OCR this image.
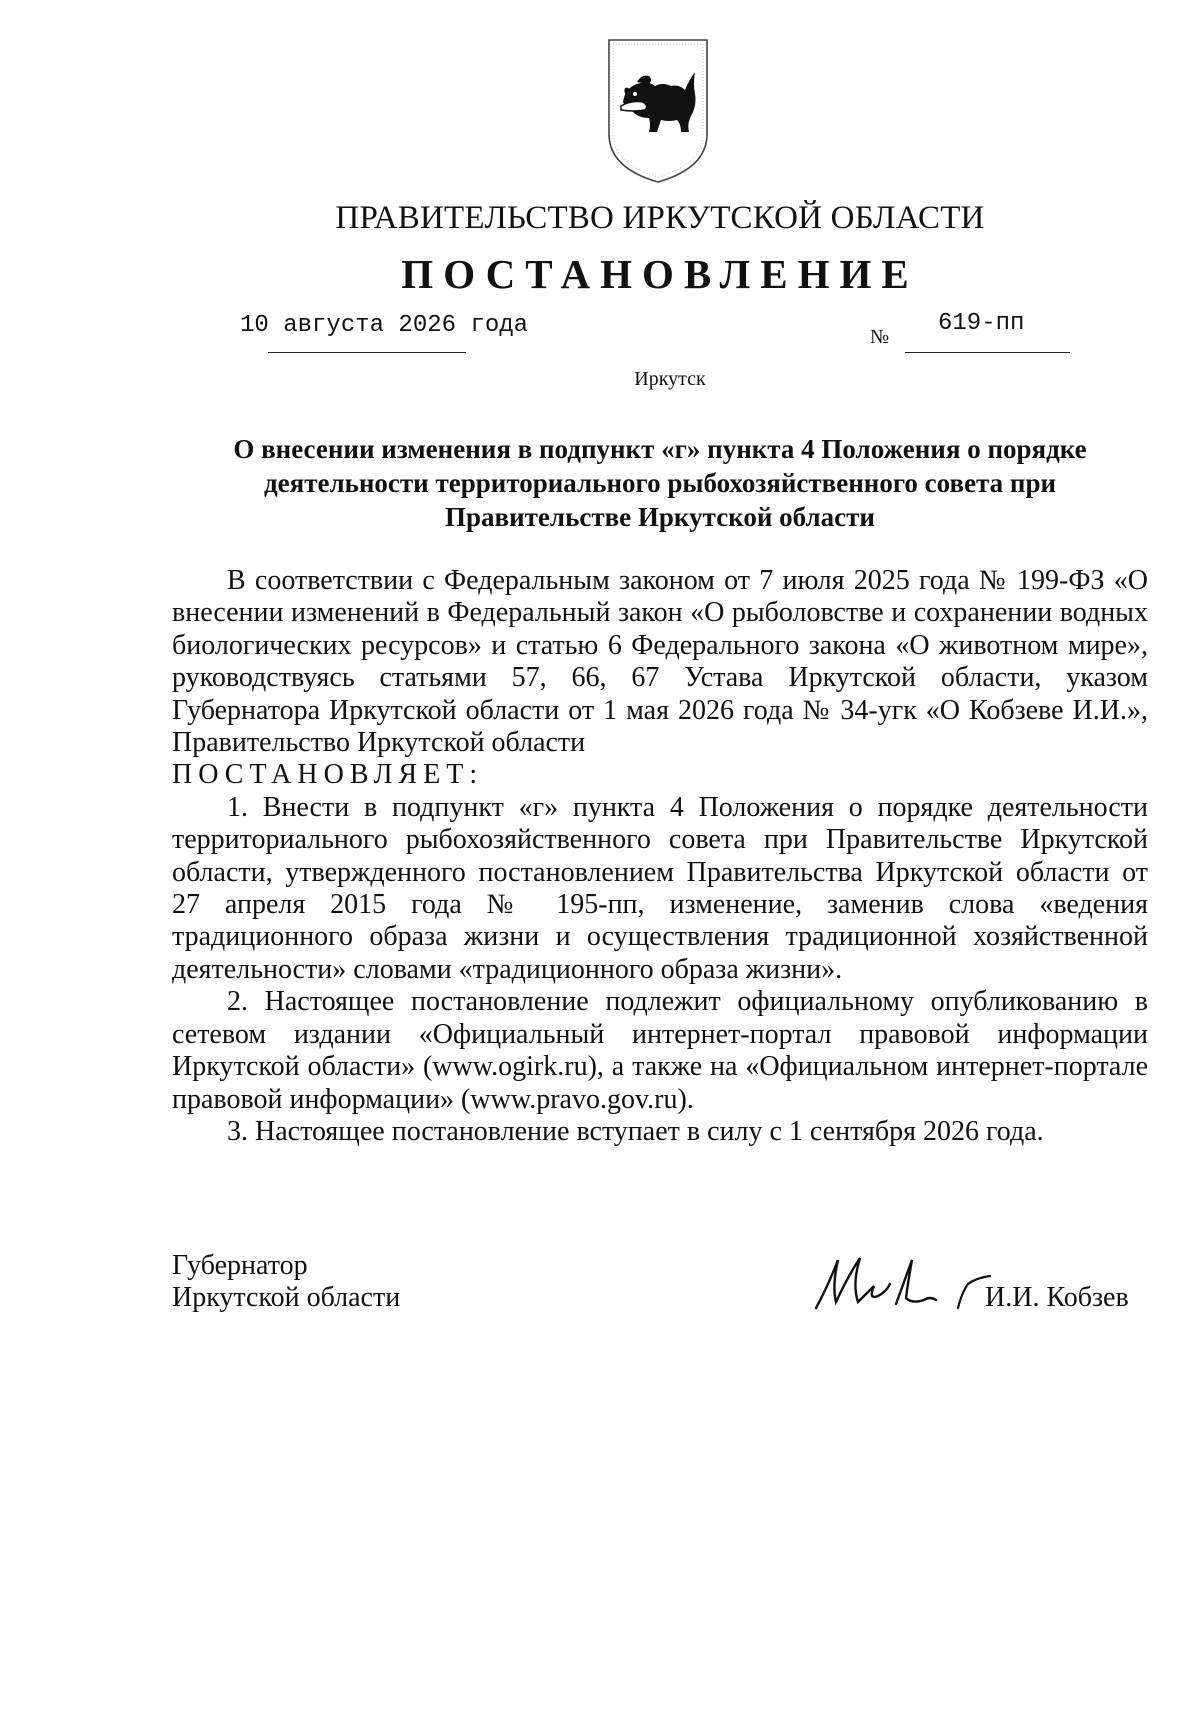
ПРАВИТЕЛЬСТВО ИРКУТСКОЙ ОБЛАСТИ
ПОСТАНОВЛЕНИЕ
10 августа 2026 года	№ 619-пп
Иркутск
О внесении изменения в подпункт «г» пункта 4 Положения о порядке деятельности территориального рыбохозяйственного совета при Правительстве Иркутской области

В соответствии с Федеральным законом от 7 июля 2025 года № 199-ФЗ «О внесении изменений в Федеральный закон «О рыболовстве и сохранении водных биологических ресурсов» и статью 6 Федерального закона «О животном мире», руководствуясь статьями 57, 66, 67 Устава Иркутской области, указом Губернатора Иркутской области от 1 мая 2026 года № 34-угк «О Кобзеве И.И.», Правительство Иркутской области

ПОСТАНОВЛЯЕТ:

1. Внести в подпункт «г» пункта 4 Положения о порядке деятельности территориального рыбохозяйственного совета при Правительстве Иркутской области, утвержденного постановлением Правительства Иркутской области от 27 апреля 2015 года № 195-пп, изменение, заменив слова «ведения традиционного образа жизни и осуществления традиционной хозяйственной деятельности» словами «традиционного образа жизни».

2. Настоящее постановление подлежит официальному опубликованию в сетевом издании «Официальный интернет-портал правовой информации Иркутской области» (www.ogirk.ru), а также на «Официальном интернет-портале правовой информации» (www.pravo.gov.ru).

3. Настоящее постановление вступает в силу с 1 сентября 2026 года.

Губернатор
Иркутской области	И.И. Кобзев
